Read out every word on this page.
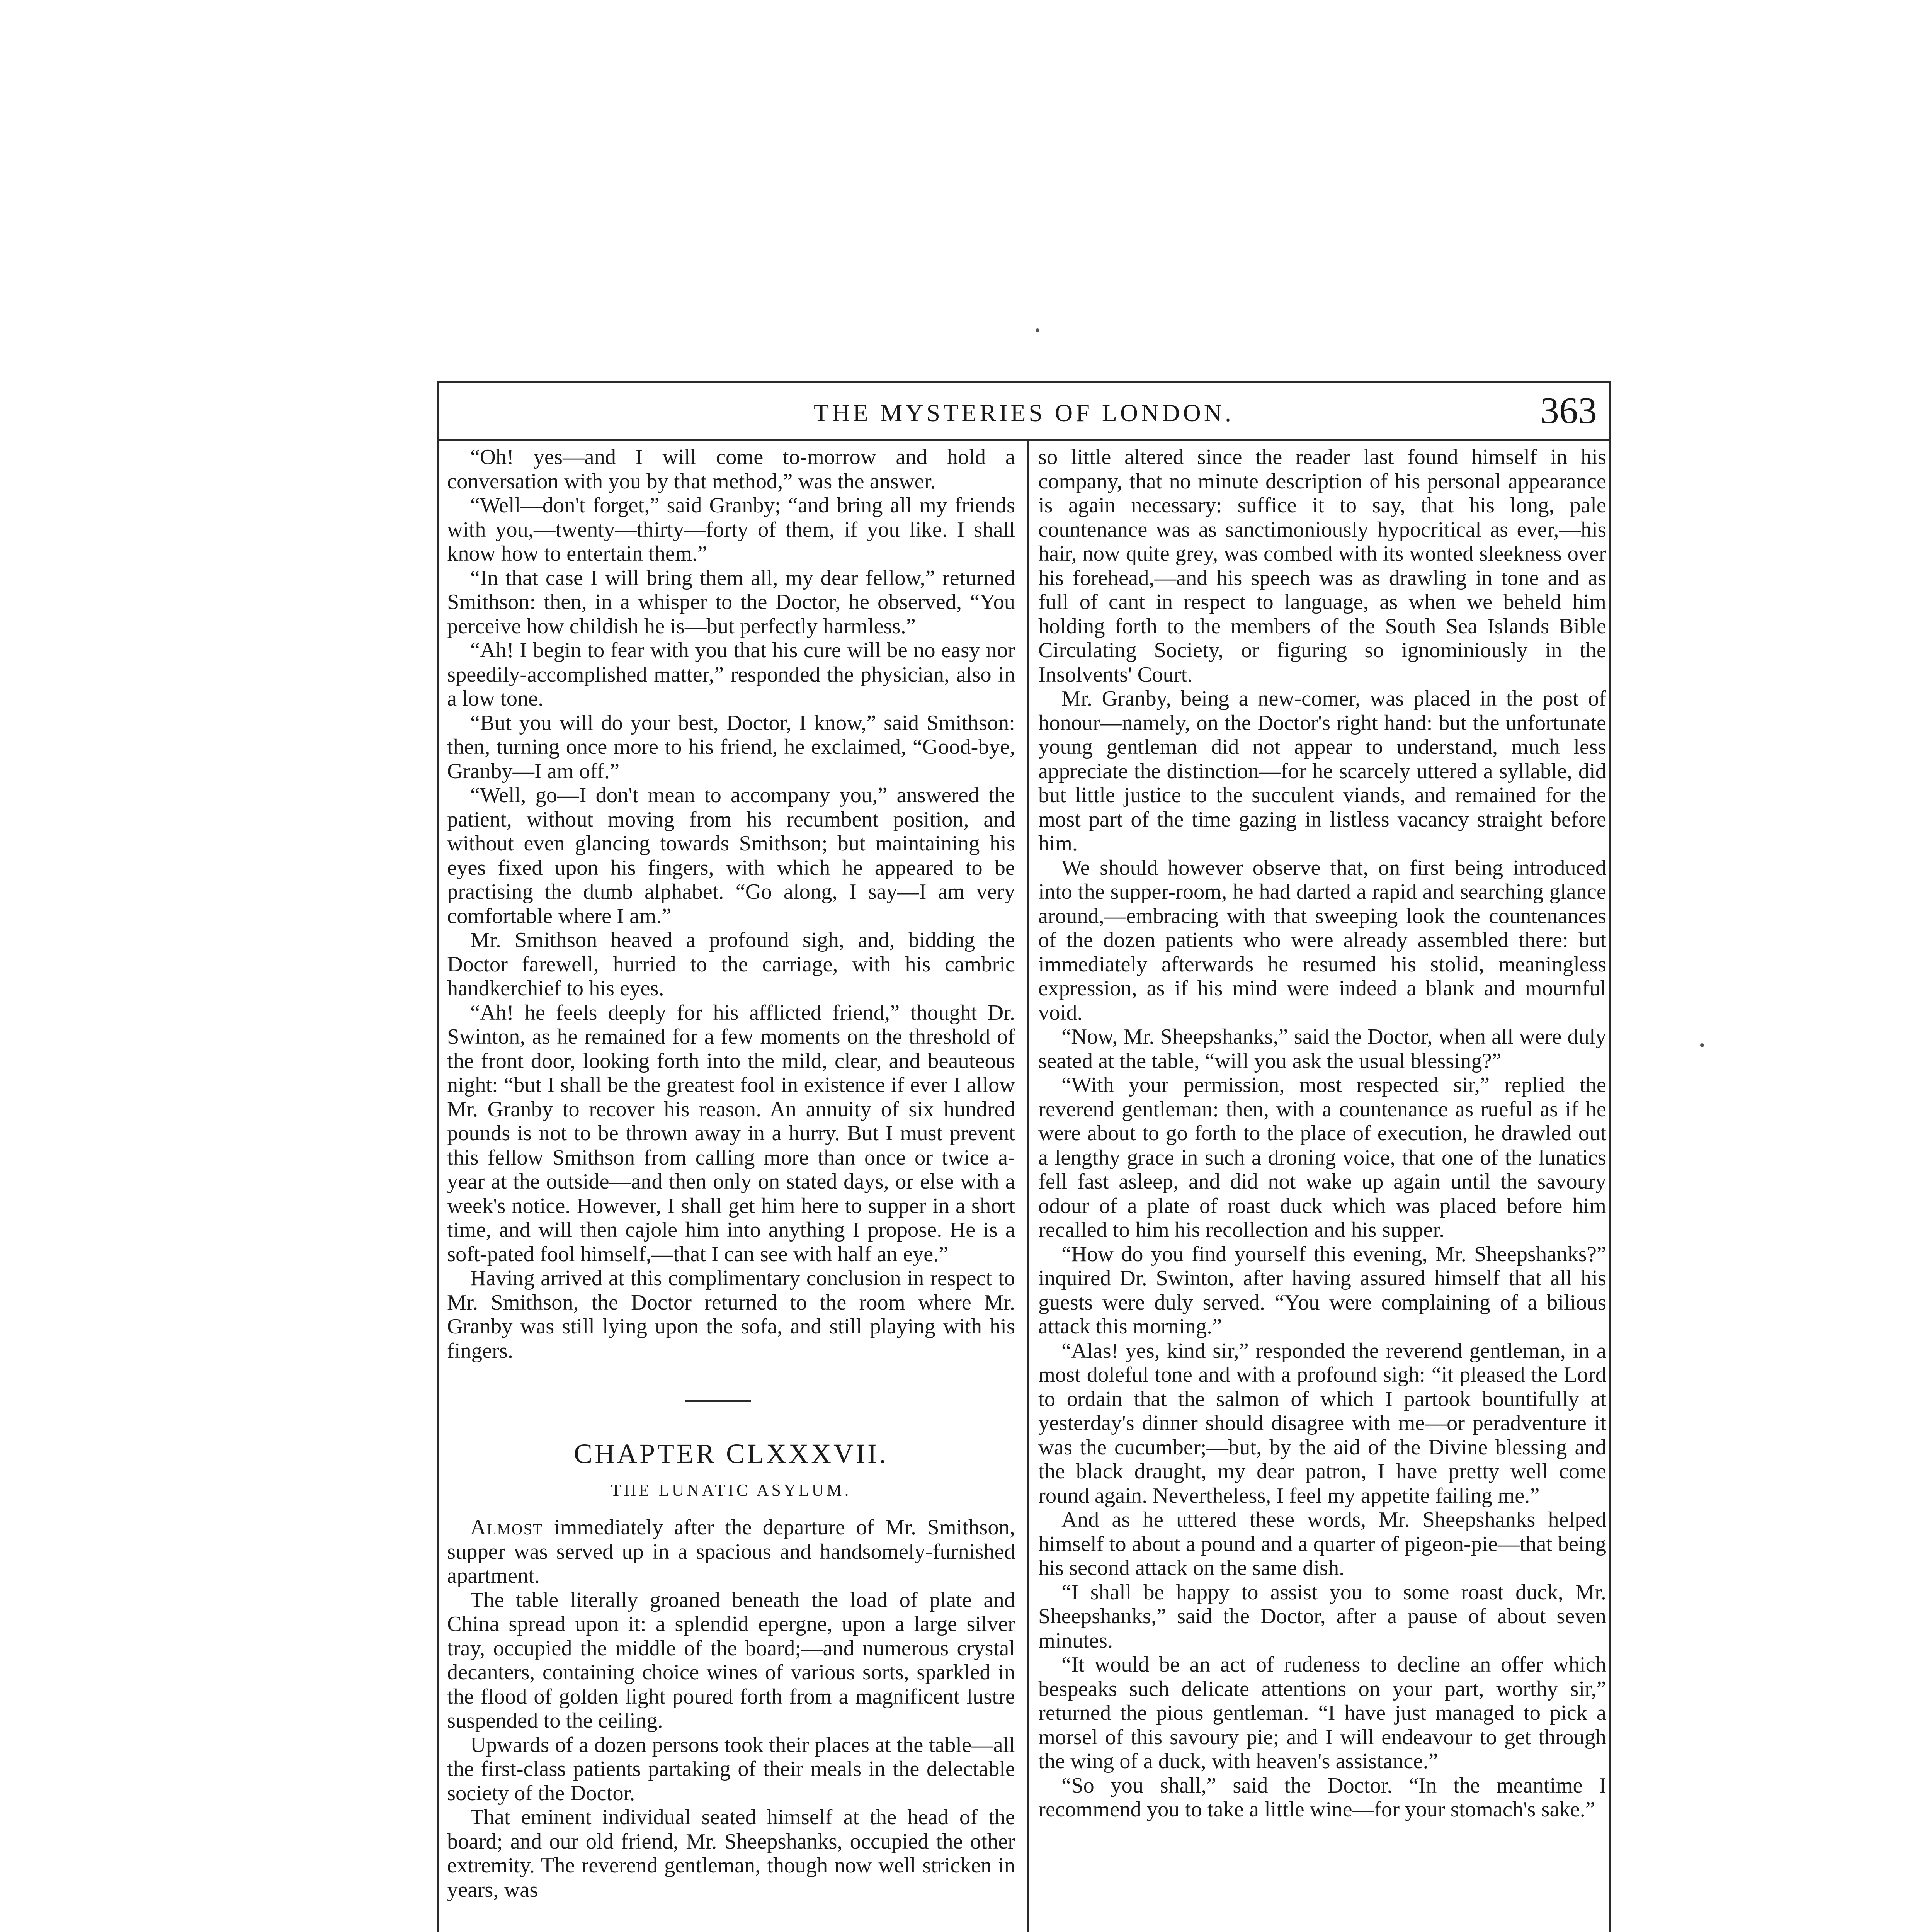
THE MYSTERIES OF LONDON.	363

“Oh! yes—and I will come to-morrow and hold a conversation with you by that method,” was the answer.

“Well—don't forget,” said Granby; “and bring all my friends with you,—twenty—thirty—forty of them, if you like. I shall know how to entertain them.”

“In that case I will bring them all, my dear fellow,” returned Smithson: then, in a whisper to the Doctor, he observed, “You perceive how childish he is—but perfectly harmless.”

“Ah! I begin to fear with you that his cure will be no easy nor speedily-accomplished matter,” responded the physician, also in a low tone.

“But you will do your best, Doctor, I know,” said Smithson: then, turning once more to his friend, he exclaimed, “Good-bye, Granby—I am off.”

“Well, go—I don't mean to accompany you,” answered the patient, without moving from his recumbent position, and without even glancing towards Smithson; but maintaining his eyes fixed upon his fingers, with which he appeared to be practising the dumb alphabet. “Go along, I say—I am very comfortable where I am.”

Mr. Smithson heaved a profound sigh, and, bidding the Doctor farewell, hurried to the carriage, with his cambric handkerchief to his eyes.

“Ah! he feels deeply for his afflicted friend,” thought Dr. Swinton, as he remained for a few moments on the threshold of the front door, looking forth into the mild, clear, and beauteous night: “but I shall be the greatest fool in existence if ever I allow Mr. Granby to recover his reason. An annuity of six hundred pounds is not to be thrown away in a hurry. But I must prevent this fellow Smithson from calling more than once or twice a-year at the outside—and then only on stated days, or else with a week's notice. However, I shall get him here to supper in a short time, and will then cajole him into anything I propose. He is a soft-pated fool himself,—that I can see with half an eye.”

Having arrived at this complimentary conclusion in respect to Mr. Smithson, the Doctor returned to the room where Mr. Granby was still lying upon the sofa, and still playing with his fingers.

CHAPTER CLXXXVII.
THE LUNATIC ASYLUM.

Almost immediately after the departure of Mr. Smithson, supper was served up in a spacious and handsomely-furnished apartment.

The table literally groaned beneath the load of plate and China spread upon it: a splendid epergne, upon a large silver tray, occupied the middle of the board;—and numerous crystal decanters, containing choice wines of various sorts, sparkled in the flood of golden light poured forth from a magnificent lustre suspended to the ceiling.

Upwards of a dozen persons took their places at the table—all the first-class patients partaking of their meals in the delectable society of the Doctor.

That eminent individual seated himself at the head of the board; and our old friend, Mr. Sheepshanks, occupied the other extremity. The reverend gentleman, though now well stricken in years, was

so little altered since the reader last found himself in his company, that no minute description of his personal appearance is again necessary: suffice it to say, that his long, pale countenance was as sanctimoniously hypocritical as ever,—his hair, now quite grey, was combed with its wonted sleekness over his forehead,—and his speech was as drawling in tone and as full of cant in respect to language, as when we beheld him holding forth to the members of the South Sea Islands Bible Circulating Society, or figuring so ignominiously in the Insolvents' Court.

Mr. Granby, being a new-comer, was placed in the post of honour—namely, on the Doctor's right hand: but the unfortunate young gentleman did not appear to understand, much less appreciate the distinction—for he scarcely uttered a syllable, did but little justice to the succulent viands, and remained for the most part of the time gazing in listless vacancy straight before him.

We should however observe that, on first being introduced into the supper-room, he had darted a rapid and searching glance around,—embracing with that sweeping look the countenances of the dozen patients who were already assembled there: but immediately afterwards he resumed his stolid, meaningless expression, as if his mind were indeed a blank and mournful void.

“Now, Mr. Sheepshanks,” said the Doctor, when all were duly seated at the table, “will you ask the usual blessing?”

“With your permission, most respected sir,” replied the reverend gentleman: then, with a countenance as rueful as if he were about to go forth to the place of execution, he drawled out a lengthy grace in such a droning voice, that one of the lunatics fell fast asleep, and did not wake up again until the savoury odour of a plate of roast duck which was placed before him recalled to him his recollection and his supper.

“How do you find yourself this evening, Mr. Sheepshanks?” inquired Dr. Swinton, after having assured himself that all his guests were duly served. “You were complaining of a bilious attack this morning.”

“Alas! yes, kind sir,” responded the reverend gentleman, in a most doleful tone and with a profound sigh: “it pleased the Lord to ordain that the salmon of which I partook bountifully at yesterday's dinner should disagree with me—or peradventure it was the cucumber;—but, by the aid of the Divine blessing and the black draught, my dear patron, I have pretty well come round again. Nevertheless, I feel my appetite failing me.”

And as he uttered these words, Mr. Sheepshanks helped himself to about a pound and a quarter of pigeon-pie—that being his second attack on the same dish.

“I shall be happy to assist you to some roast duck, Mr. Sheepshanks,” said the Doctor, after a pause of about seven minutes.

“It would be an act of rudeness to decline an offer which bespeaks such delicate attentions on your part, worthy sir,” returned the pious gentleman. “I have just managed to pick a morsel of this savoury pie; and I will endeavour to get through the wing of a duck, with heaven's assistance.”

“So you shall,” said the Doctor. “In the meantime I recommend you to take a little wine—for your stomach's sake.”
